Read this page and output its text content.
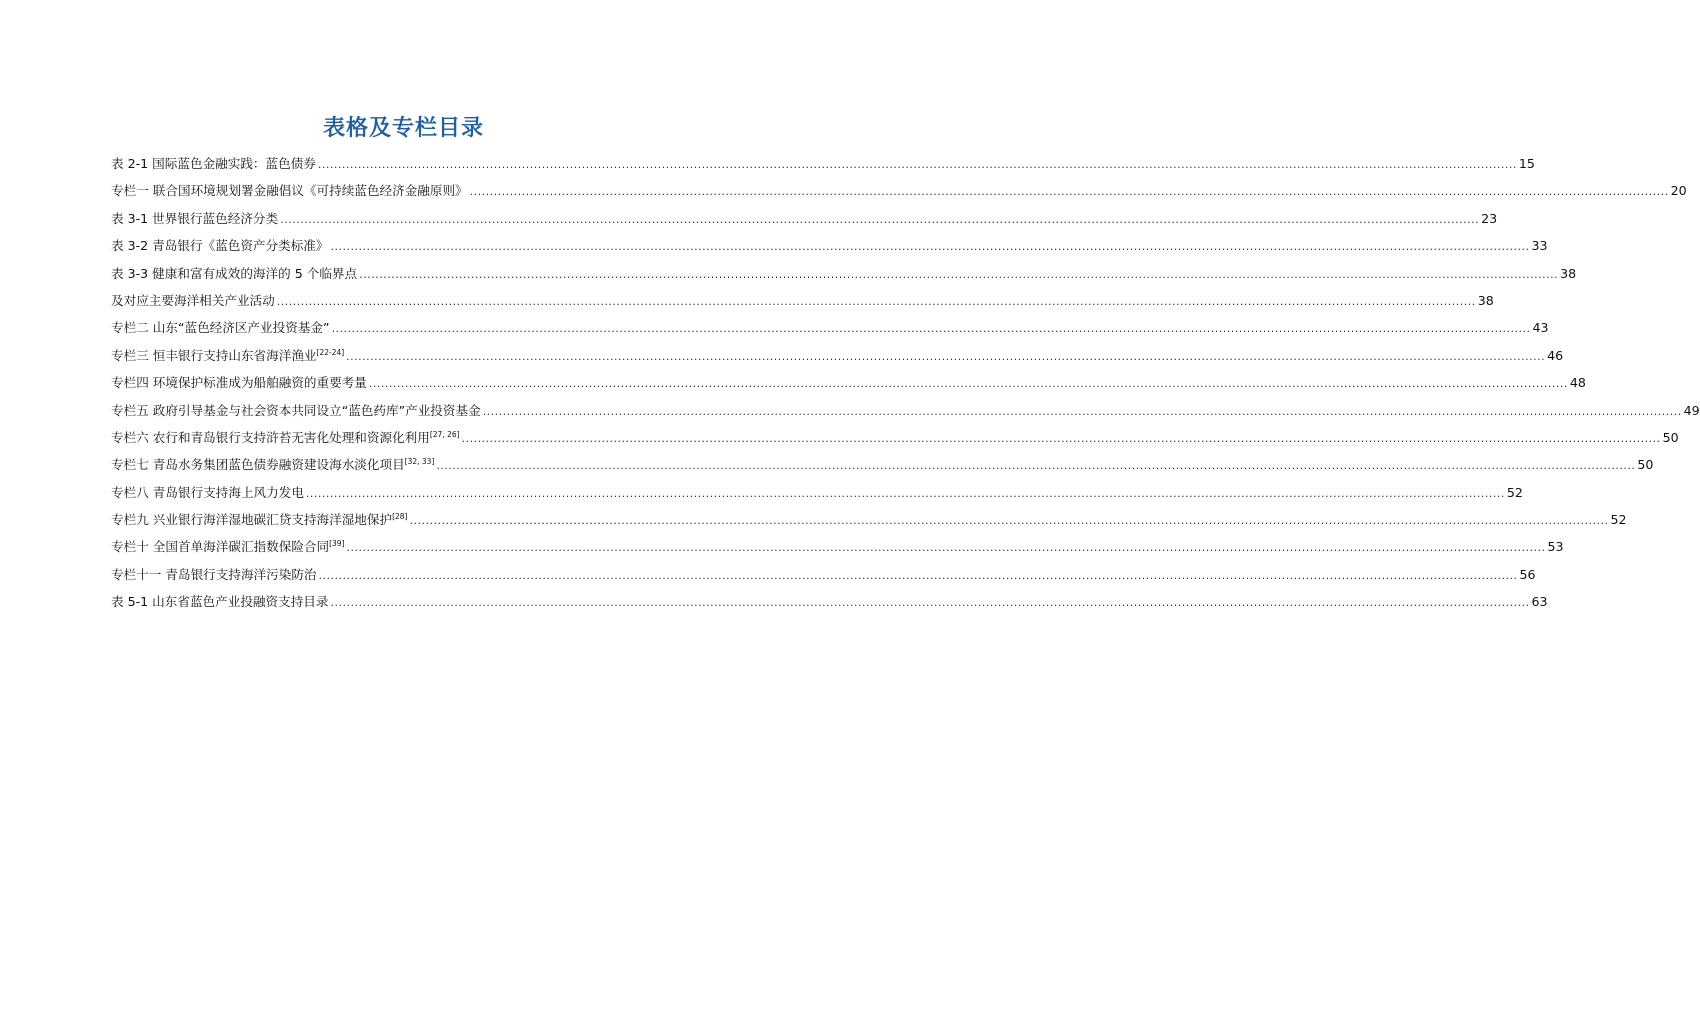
表格及专栏目录
表 2-1 国际蓝色金融实践：蓝色债券 ............................................................................................................................................................................................................................................................................................................ 15
专栏一 联合国环境规划署金融倡议《可持续蓝色经济金融原则》 ............................................................................................................................................................................................................................................................................................................ 20
表 3-1 世界银行蓝色经济分类 ............................................................................................................................................................................................................................................................................................................ 23
表 3-2 青岛银行《蓝色资产分类标准》 ............................................................................................................................................................................................................................................................................................................ 33
表 3-3 健康和富有成效的海洋的 5 个临界点 ............................................................................................................................................................................................................................................................................................................ 38
及对应主要海洋相关产业活动 ............................................................................................................................................................................................................................................................................................................ 38
专栏二 山东“蓝色经济区产业投资基金” ............................................................................................................................................................................................................................................................................................................ 43
专栏三 恒丰银行支持山东省海洋渔业[22-24] ............................................................................................................................................................................................................................................................................................................ 46
专栏四 环境保护标准成为船舶融资的重要考量 ............................................................................................................................................................................................................................................................................................................ 48
专栏五 政府引导基金与社会资本共同设立“蓝色药库”产业投资基金 ............................................................................................................................................................................................................................................................................................................ 49
专栏六 农行和青岛银行支持浒苔无害化处理和资源化利用[27, 26] ............................................................................................................................................................................................................................................................................................................ 50
专栏七 青岛水务集团蓝色债券融资建设海水淡化项目[32, 33] ............................................................................................................................................................................................................................................................................................................ 50
专栏八 青岛银行支持海上风力发电 ............................................................................................................................................................................................................................................................................................................ 52
专栏九 兴业银行海洋湿地碳汇贷支持海洋湿地保护[28] ............................................................................................................................................................................................................................................................................................................ 52
专栏十 全国首单海洋碳汇指数保险合同[39] ............................................................................................................................................................................................................................................................................................................ 53
专栏十一 青岛银行支持海洋污染防治 ............................................................................................................................................................................................................................................................................................................ 56
表 5-1 山东省蓝色产业投融资支持目录 ............................................................................................................................................................................................................................................................................................................ 63
